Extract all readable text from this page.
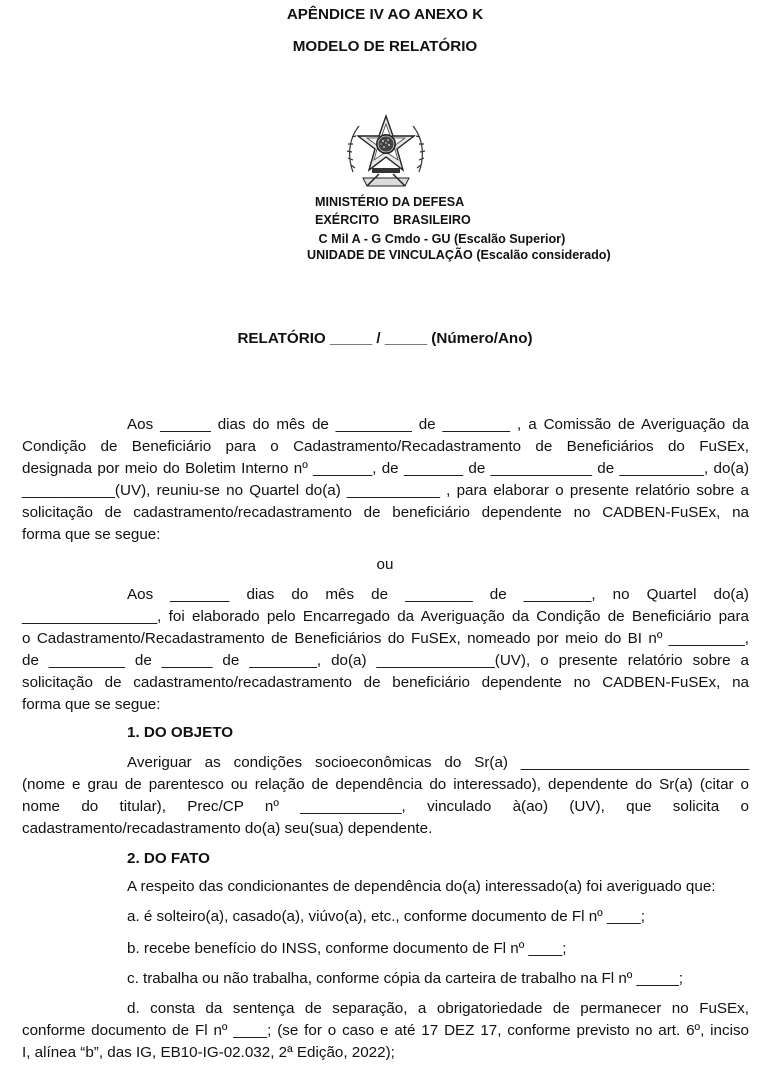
APÊNDICE IV AO ANEXO K
MODELO DE RELATÓRIO
MINISTÉRIO DA DEFESA
EXÉRCITO    BRASILEIRO
C Mil A - G Cmdo - GU (Escalão Superior)
UNIDADE DE VINCULAÇÃO (Escalão considerado)
RELATÓRIO _____ / _____ (Número/Ano)
Aos ______ dias do mês de _________ de ________ , a Comissão de Averiguação da
Condição de Beneficiário para o Cadastramento/Recadastramento de Beneficiários do FuSEx,
designada por meio do Boletim Interno nº _______, de _______ de ____________ de __________, do(a)
___________(UV), reuniu-se no Quartel do(a) ___________ , para elaborar o presente relatório sobre a
solicitação de cadastramento/recadastramento de beneficiário dependente no CADBEN-FuSEx, na
forma que se segue:
ou
Aos _______ dias do mês de ________ de ________, no Quartel do(a)
________________, foi elaborado pelo Encarregado da Averiguação da Condição de Beneficiário para
o Cadastramento/Recadastramento de Beneficiários do FuSEx, nomeado por meio do BI nº _________,
de _________ de ______ de ________, do(a) ______________(UV), o presente relatório sobre a
solicitação de cadastramento/recadastramento de beneficiário dependente no CADBEN-FuSEx, na
forma que se segue:
1. DO OBJETO
Averiguar as condições socioeconômicas do Sr(a) ___________________________
(nome e grau de parentesco ou relação de dependência do interessado), dependente do Sr(a) (citar o
nome do titular), Prec/CP nº ____________, vinculado à(ao) (UV), que solicita o
cadastramento/recadastramento do(a) seu(sua) dependente.
2. DO FATO
A respeito das condicionantes de dependência do(a) interessado(a) foi averiguado que:
a. é solteiro(a), casado(a), viúvo(a), etc., conforme documento de Fl nº ____;
b. recebe benefício do INSS, conforme documento de Fl nº ____;
c. trabalha ou não trabalha, conforme cópia da carteira de trabalho na Fl nº _____;
d. consta da sentença de separação, a obrigatoriedade de permanecer no FuSEx,
conforme documento de Fl nº ____; (se for o caso e até 17 DEZ 17, conforme previsto no art. 6º, inciso
I, alínea “b”, das IG, EB10-IG-02.032, 2ª Edição, 2022);
